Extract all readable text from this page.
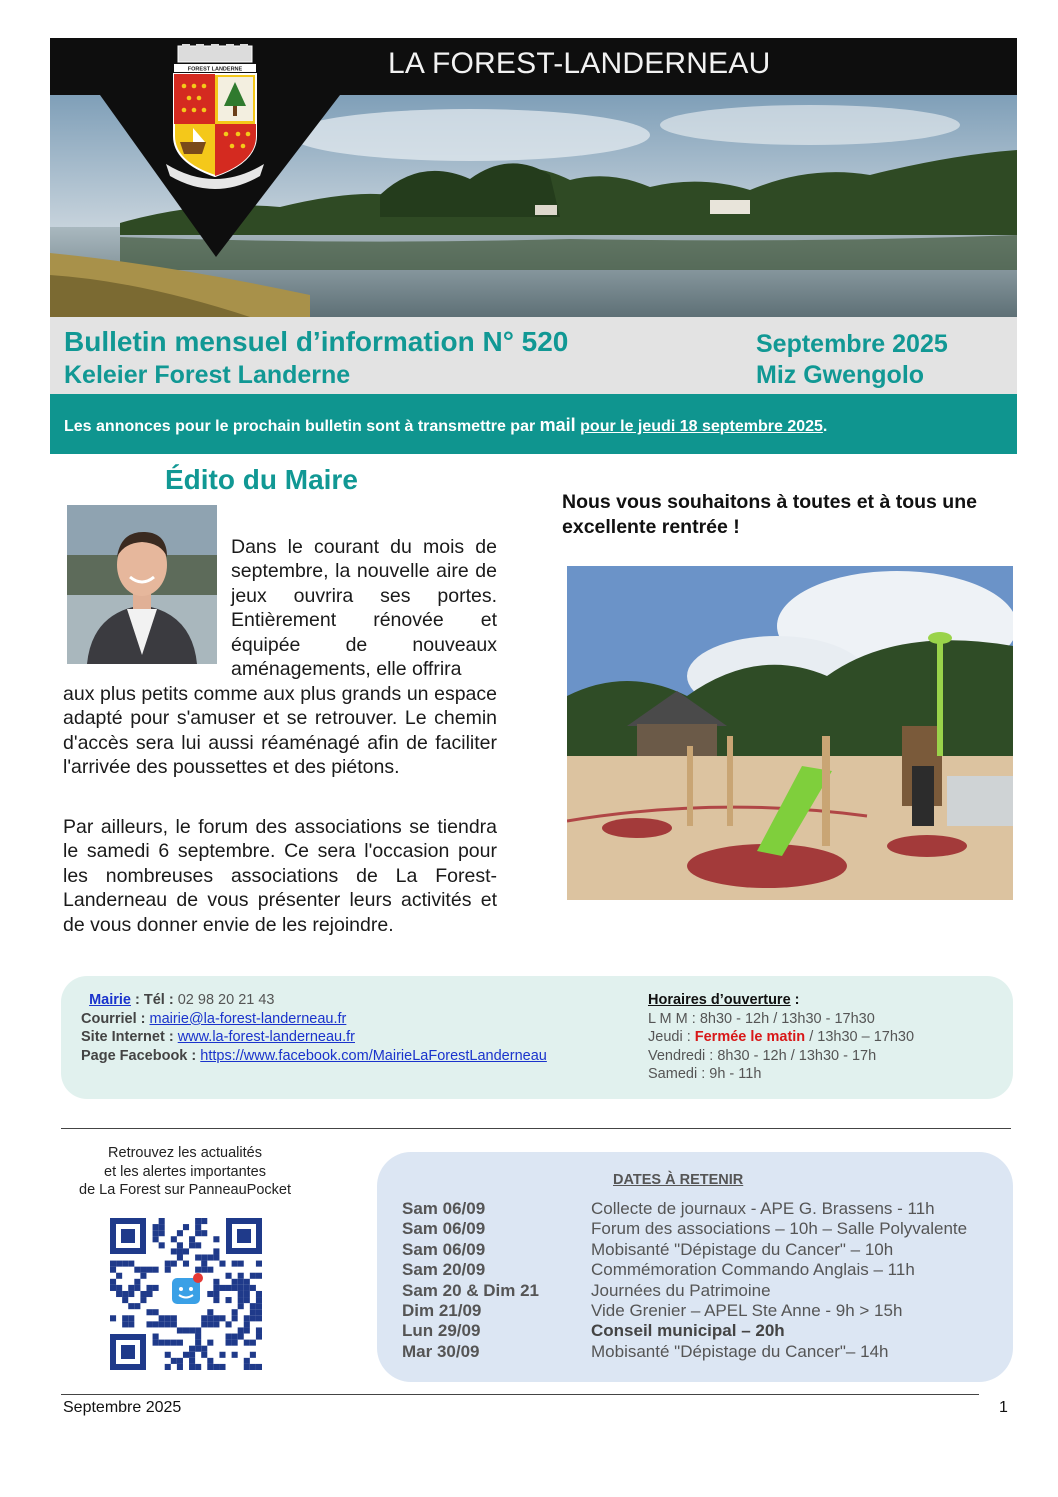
LA FOREST-LANDERNEAU
FOREST LANDERNE
Bulletin mensuel d’information N° 520
Keleier Forest Landerne
Septembre 2025
Miz Gwengolo
Les annonces pour le prochain bulletin sont à transmettre par mail pour le jeudi 18 septembre 2025.
Édito du Maire
Dans le courant du mois de septembre, la nouvelle aire de jeux ouvrira ses portes. Entièrement rénovée et équipée de nouveaux aménagements, elle offrira
aux plus petits comme aux plus grands un espace adapté pour s'amuser et se retrouver. Le chemin d'accès sera lui aussi réaménagé afin de faciliter l'arrivée des poussettes et des piétons.
Par ailleurs, le forum des associations se tiendra le samedi 6 septembre. Ce sera l'occasion pour les nombreuses associations de La Forest-Landerneau de vous présenter leurs activités et de vous donner envie de les rejoindre.
Nous vous souhaitons à toutes et à tous une excellente rentrée !
Mairie : Tél : 02 98 20 21 43
Courriel : mairie@la-forest-landerneau.fr
Site Internet : www.la-forest-landerneau.fr
Page Facebook : https://www.facebook.com/MairieLaForestLanderneau
Horaires d’ouverture :
L M M : 8h30 - 12h / 13h30 - 17h30
Jeudi : Fermée le matin / 13h30 – 17h30
Vendredi : 8h30 - 12h / 13h30 - 17h
Samedi : 9h - 11h
Retrouvez les actualités
et les alertes importantes
de La Forest sur PanneauPocket
DATES À RETENIR
Sam 06/09	Collecte de journaux - APE G. Brassens - 11h
Sam 06/09	Forum des associations – 10h – Salle Polyvalente
Sam 06/09	Mobisanté "Dépistage du Cancer" – 10h
Sam 20/09	Commémoration Commando Anglais – 11h
Sam 20 & Dim 21	Journées du Patrimoine
Dim 21/09	Vide Grenier – APEL Ste Anne - 9h > 15h
Lun 29/09	Conseil municipal – 20h
Mar 30/09	Mobisanté "Dépistage du Cancer"– 14h
Septembre 2025	1
